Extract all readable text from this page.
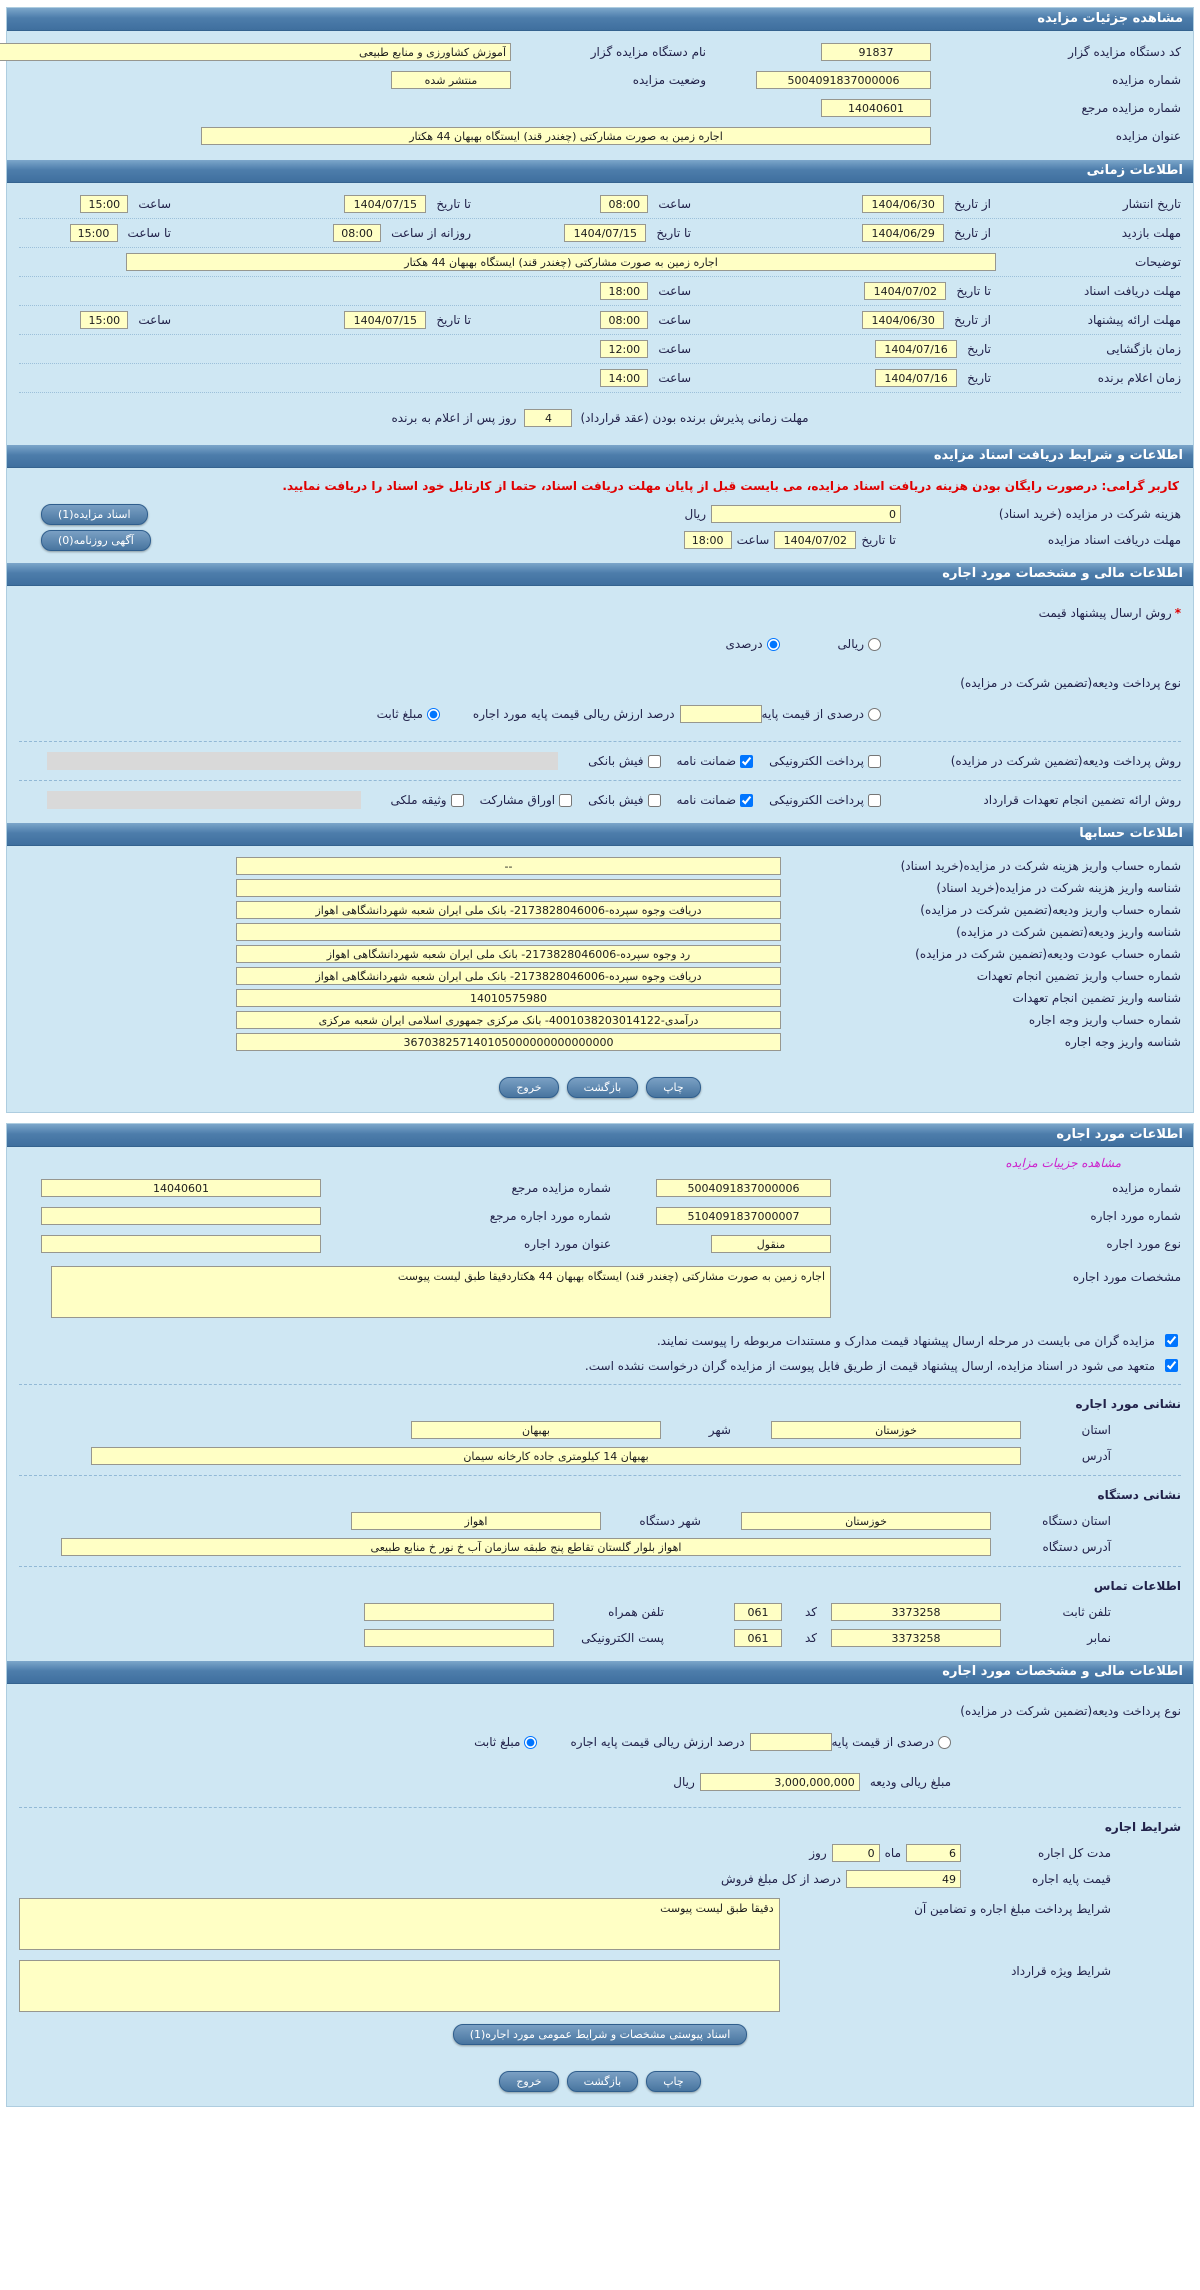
مشاهده جزئیات مزایده
کد دستگاه مزایده گزار
91837
نام دستگاه مزایده گزار
آموزش کشاورزی و منابع طبیعی
شماره مزایده
5004091837000006
وضعیت مزایده
منتشر شده
شماره مزایده مرجع
14040601
عنوان مزایده
اجاره زمین به صورت مشارکتی (چغندر قند) ایستگاه بهبهان 44 هکتار
اطلاعات زمانی
تاریخ انتشار
از تاریخ
1404/06/30
ساعت
08:00
تا تاریخ
1404/07/15
ساعت
15:00
مهلت بازدید
از تاریخ
1404/06/29
تا تاریخ
1404/07/15
روزانه از ساعت
08:00
تا ساعت
15:00
توضیحات
اجاره زمین به صورت مشارکتی (چغندر قند) ایستگاه بهبهان 44 هکتار
مهلت دریافت اسناد
تا تاریخ
1404/07/02
ساعت
18:00
مهلت ارائه پیشنهاد
از تاریخ
1404/06/30
ساعت
08:00
تا تاریخ
1404/07/15
ساعت
15:00
زمان بازگشایی
تاریخ
1404/07/16
ساعت
12:00
زمان اعلام برنده
تاریخ
1404/07/16
ساعت
14:00
مهلت زمانی پذیرش برنده بودن (عقد قرارداد)
4
روز پس از اعلام به برنده
اطلاعات و شرایط دریافت اسناد مزایده
کاربر گرامی: درصورت رایگان بودن هزینه دریافت اسناد مزایده، می بایست قبل از پایان مهلت دریافت اسناد، حتما از کارتابل خود اسناد را دریافت نمایید.
هزینه شرکت در مزایده (خرید اسناد)
0
ریال
اسناد مزایده(1)
مهلت دریافت اسناد مزایده
تا تاریخ
1404/07/02
ساعت
18:00
آگهی روزنامه(0)
اطلاعات مالی و مشخصات مورد اجاره
*
روش ارسال پیشنهاد قیمت
ریالی
درصدی
نوع پرداخت ودیعه(تضمین شرکت در مزایده)
درصدی از قیمت پایه
درصد ارزش ریالی قیمت پایه مورد اجاره
مبلغ ثابت
روش پرداخت ودیعه(تضمین شرکت در مزایده)
پرداخت الکترونیکی
ضمانت نامه
فیش بانکی
روش ارائه تضمین انجام تعهدات قرارداد
پرداخت الکترونیکی
ضمانت نامه
فیش بانکی
اوراق مشارکت
وثیقه ملکی
اطلاعات حسابها
شماره حساب واریز هزینه شرکت در مزایده(خرید اسناد)
--
شناسه واریز هزینه شرکت در مزایده(خرید اسناد)
شماره حساب واریز ودیعه(تضمین شرکت در مزایده)
دریافت وجوه سپرده-2173828046006- بانک ملی ایران شعبه شهردانشگاهی اهواز
شناسه واریز ودیعه(تضمین شرکت در مزایده)
شماره حساب عودت ودیعه(تضمین شرکت در مزایده)
رد وجوه سپرده-2173828046006- بانک ملی ایران شعبه شهردانشگاهی اهواز
شماره حساب واریز تضمین انجام تعهدات
دریافت وجوه سپرده-2173828046006- بانک ملی ایران شعبه شهردانشگاهی اهواز
شناسه واریز تضمین انجام تعهدات
14010575980
شماره حساب واریز وجه اجاره
درآمدی-4001038203014122- بانک مرکزی جمهوری اسلامی ایران شعبه مرکزی
شناسه واریز وجه اجاره
367038257140105000000000000000
چاپ
بازگشت
خروج
اطلاعات مورد اجاره
مشاهده جزییات مزایده
شماره مزایده
5004091837000006
شماره مزایده مرجع
14040601
شماره مورد اجاره
5104091837000007
شماره مورد اجاره مرجع
نوع مورد اجاره
منقول
عنوان مورد اجاره
مشخصات مورد اجاره
اجاره زمین به صورت مشارکتی (چغندر قند) ایستگاه بهبهان 44 هکتاردقیقا طبق لیست پیوست
مزایده گران می بایست در مرحله ارسال پیشنهاد قیمت مدارک و مستندات مربوطه را پیوست نمایند.
متعهد می شود در اسناد مزایده، ارسال پیشنهاد قیمت از طریق فایل پیوست از مزایده گران درخواست نشده است.
نشانی مورد اجاره
استان
خوزستان
شهر
بهبهان
آدرس
بهبهان 14 کیلومتری جاده کارخانه سیمان
نشانی دستگاه
استان دستگاه
خوزستان
شهر دستگاه
اهواز
آدرس دستگاه
اهواز بلوار گلستان تقاطع پنج طبقه سازمان آب خ نور خ منابع طبیعی
اطلاعات تماس
تلفن ثابت
3373258
کد
061
تلفن همراه
نمابر
3373258
کد
061
پست الکترونیکی
اطلاعات مالی و مشخصات مورد اجاره
نوع پرداخت ودیعه(تضمین شرکت در مزایده)
درصدی از قیمت پایه
درصد ارزش ریالی قیمت پایه اجاره
مبلغ ثابت
مبلغ ریالی ودیعه
3,000,000,000
ریال
شرایط اجاره
مدت کل اجاره
6
ماه
0
روز
قیمت پایه اجاره
49
درصد از کل مبلغ فروش
شرایط پرداخت مبلغ اجاره و تضامین آن
دقیقا طبق لیست پیوست
شرایط ویژه قرارداد
اسناد پیوستی مشخصات و شرایط عمومی مورد اجاره(1)
چاپ
بازگشت
خروج
